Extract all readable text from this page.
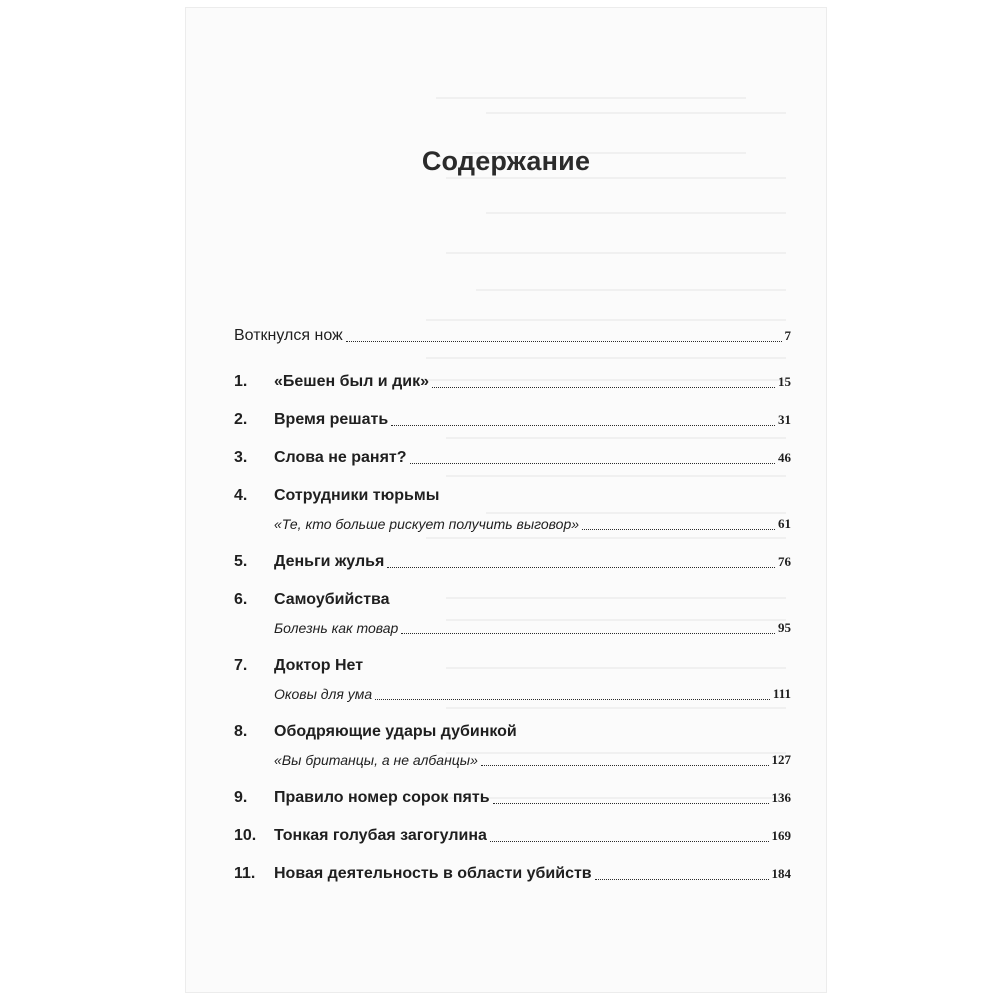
Содержание
Воткнулся нож	7
1.	«Бешен был и дик»	15
2.	Время решать	31
3.	Слова не ранят?	46
4.	Сотрудники тюрьмы
«Те, кто больше рискует получить выговор»	61
5.	Деньги жулья	76
6.	Самоубийства
Болезнь как товар	95
7.	Доктор Нет
Оковы для ума	111
8.	Ободряющие удары дубинкой
«Вы британцы, а не албанцы»	127
9.	Правило номер сорок пять	136
10.	Тонкая голубая загогулина	169
11.	Новая деятельность в области убийств	184
